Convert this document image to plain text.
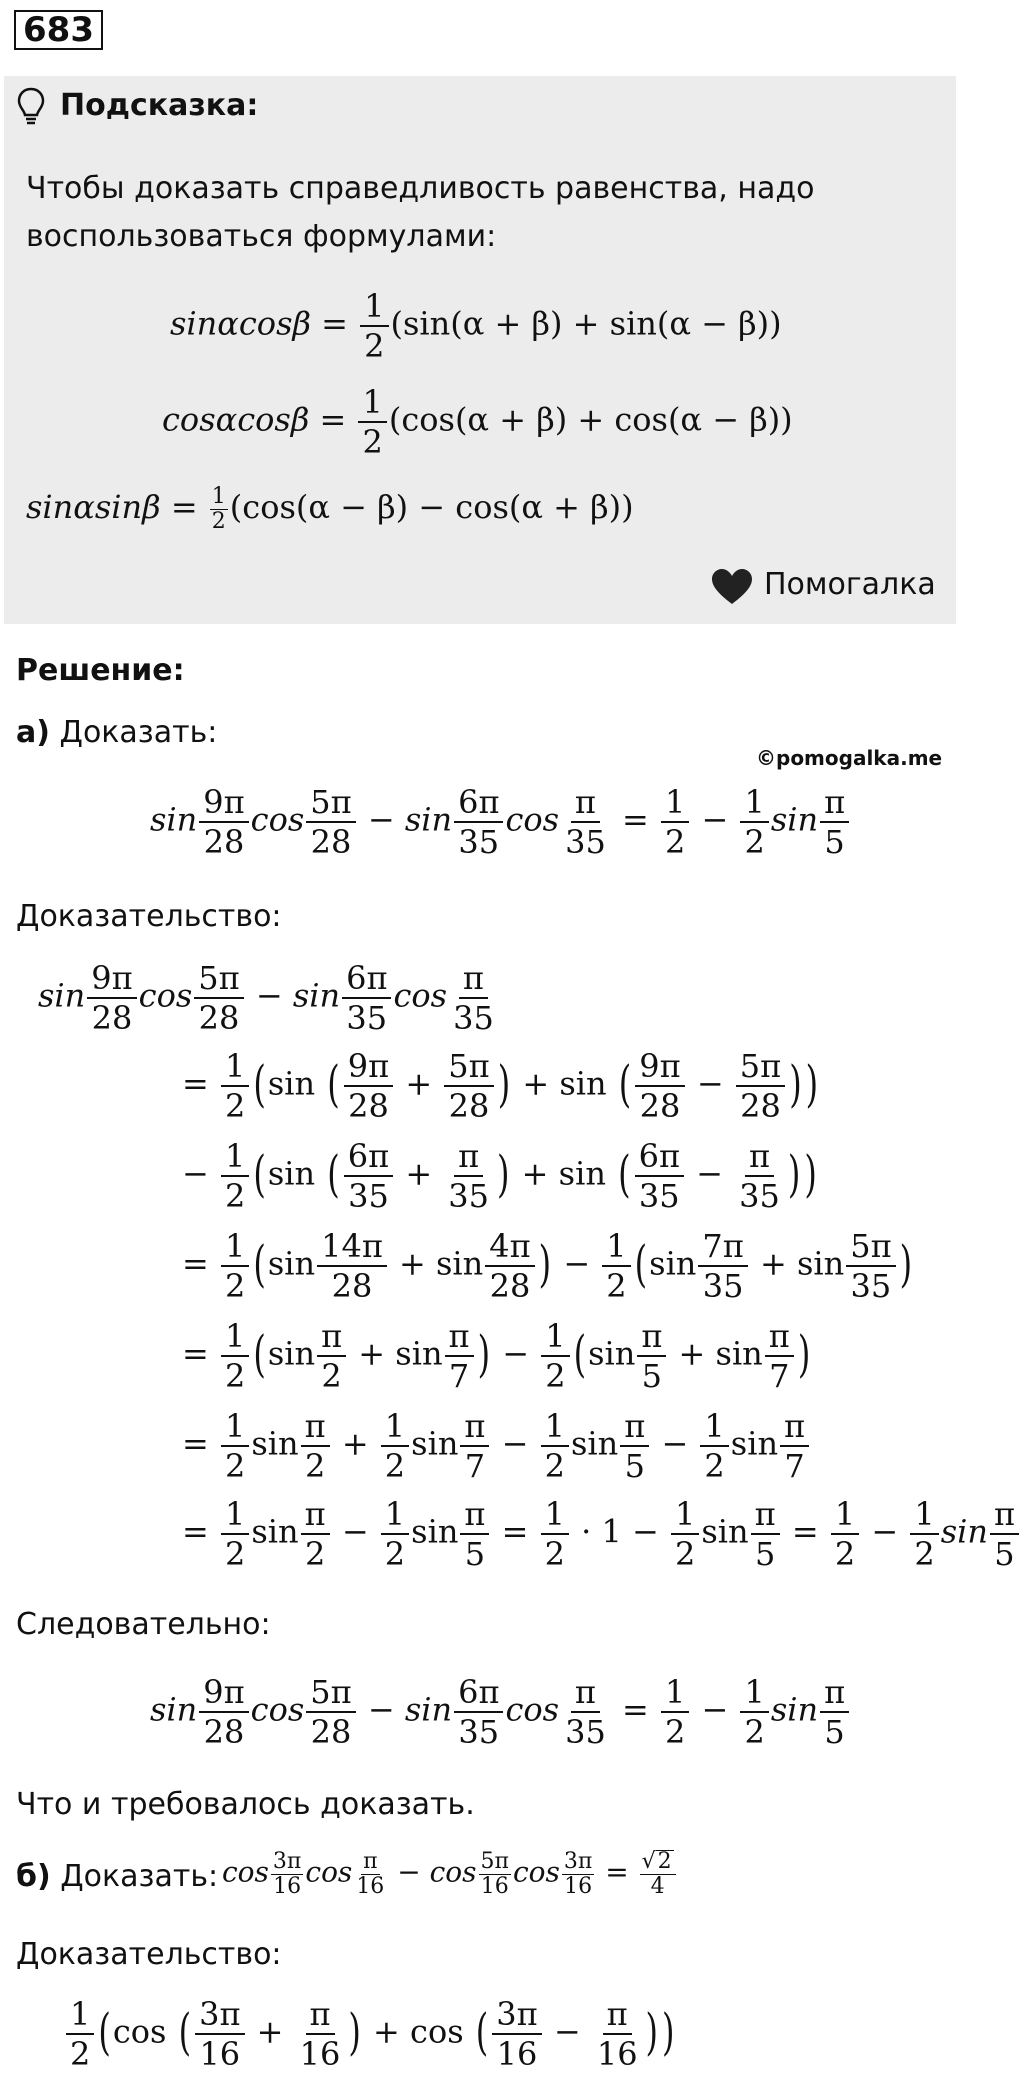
683
Подсказка:
Чтобы доказать справедливость равенства, надо
воспользоваться формулами:
$\sin\alpha\cos\beta = \frac{1}{2} (\sin(\alpha + \beta) + \sin(\alpha - \beta))$
$\cos\alpha\cos\beta = \frac{1}{2} (\cos(\alpha + \beta) + \cos(\alpha - \beta))$
$\sin\alpha\sin\beta = \frac{1}{2} (\cos(\alpha - \beta) - \cos(\alpha + \beta))$
Помогалка
Решение:
а) Доказать:
©pomogalka.me
$\sin \frac{9\pi}{28}$ $\cos \frac{5\pi}{28} - \sin \frac{6\pi}{35}$ $\cos \frac{\pi}{35} = \frac{1}{2} - \frac{1}{2}$ $\sin \frac{\pi}{5}$
Доказательство:
$\sin \frac{9\pi}{28}$ $\cos \frac{5\pi}{28} - \sin \frac{6\pi}{35}$ $\cos \frac{\pi}{35}$
= $\frac{1}{2} (\sin$ ( $\frac{9\pi}{28} + \frac{5\pi}{28}$ ) + sin ( $\frac{9\pi}{28} - \frac{5\pi}{28}$ ) )
− $\frac{1}{2} (\sin$ ( $\frac{6\pi}{35} + \frac{\pi}{35}$ ) + sin ( $\frac{6\pi}{35} - \frac{\pi}{35}$ ) )
= $\frac{1}{2} (\sin \frac{14\pi}{28} + \sin \frac{4\pi}{28}$ ) − $\frac{1}{2} (\sin \frac{7\pi}{35} + \sin \frac{5\pi}{35}$ )
= $\frac{1}{2} (\sin \frac{\pi}{2} + \sin \frac{\pi}{7}$ ) − $\frac{1}{2} (\sin \frac{\pi}{5} + \sin \frac{\pi}{7}$ )
= $\frac{1}{2}$ $\sin \frac{\pi}{2} + \frac{1}{2}$ $\sin \frac{\pi}{7} - \frac{1}{2}$ $\sin \frac{\pi}{5} - \frac{1}{2}$ $\sin \frac{\pi}{7}$
= $\frac{1}{2}$ $\sin \frac{\pi}{2} - \frac{1}{2}$ $\sin \frac{\pi}{5} = \frac{1}{2} \cdot 1 - \frac{1}{2}$ $\sin \frac{\pi}{5} = \frac{1}{2} - \frac{1}{2}$ $\sin \frac{\pi}{5}$
Следовательно:
$\sin \frac{9\pi}{28}$ $\cos \frac{5\pi}{28} - \sin \frac{6\pi}{35}$ $\cos \frac{\pi}{35} = \frac{1}{2} - \frac{1}{2}$ $\sin \frac{\pi}{5}$
Что и требовалось доказать.
б) Доказать: $\cos \frac{3\pi}{16}$ $\cos \frac{\pi}{16} - \cos \frac{5\pi}{16}$ $\cos \frac{3\pi}{16} = \frac{√2}{4}$
Доказательство:
$\frac{1}{2} (\cos$ ( $\frac{3\pi}{16} + \frac{\pi}{16}$ ) + cos ( $\frac{3\pi}{16} - \frac{\pi}{16}$ ) )
